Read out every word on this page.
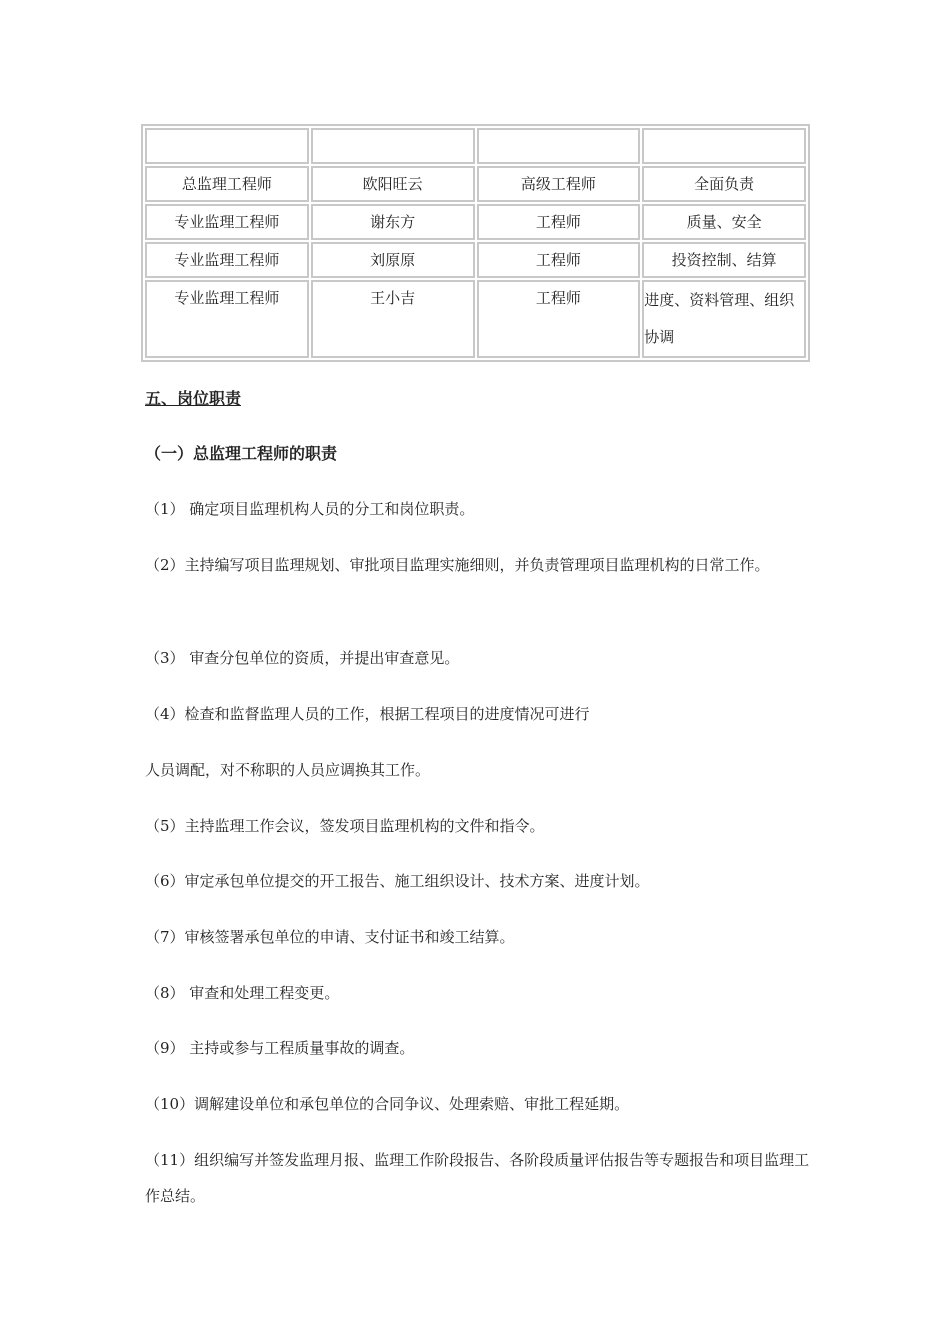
总监理工程师	欧阳旺云	高级工程师	全面负责
专业监理工程师	谢东方	工程师	质量、安全
专业监理工程师	刘原原	工程师	投资控制、结算
专业监理工程师	王小吉	工程师	进度、资料管理、组织协调

五、岗位职责

（一）总监理工程师的职责

（1） 确定项目监理机构人员的分工和岗位职责。

（2）主持编写项目监理规划、审批项目监理实施细则，并负责管理项目监理机构的日常工作。

（3） 审查分包单位的资质，并提出审查意见。

（4）检查和监督监理人员的工作，根据工程项目的进度情况可进行

人员调配，对不称职的人员应调换其工作。

（5）主持监理工作会议，签发项目监理机构的文件和指令。

（6）审定承包单位提交的开工报告、施工组织设计、技术方案、进度计划。

（7）审核签署承包单位的申请、支付证书和竣工结算。

（8） 审查和处理工程变更。

（9） 主持或参与工程质量事故的调查。

（10）调解建设单位和承包单位的合同争议、处理索赔、审批工程延期。

（11）组织编写并签发监理月报、监理工作阶段报告、各阶段质量评估报告等专题报告和项目监理工作总结。
